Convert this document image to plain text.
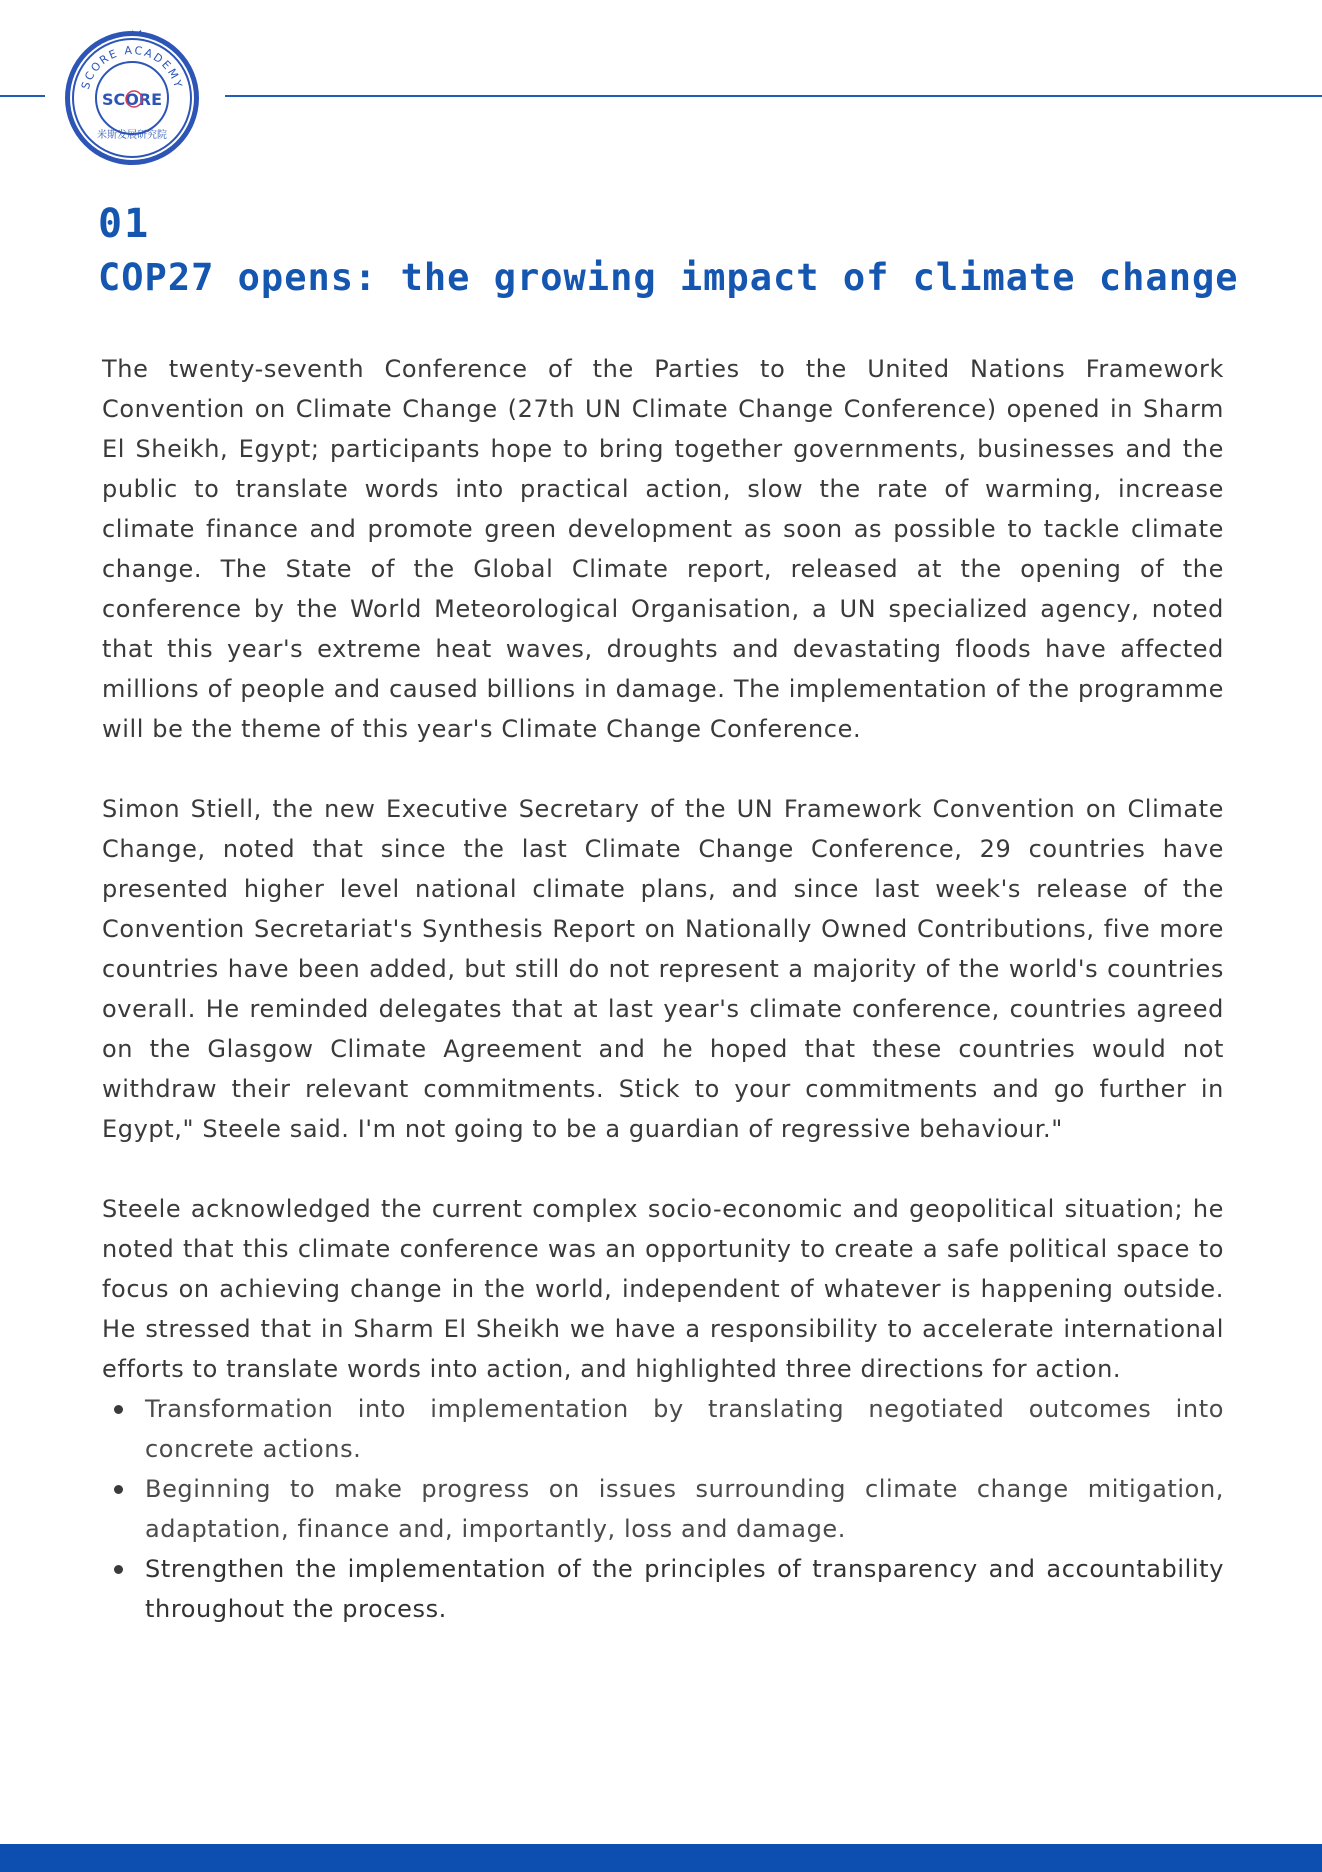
SCORE ACADEMY
米斯发展研究院
SCORE
01
COP27 opens: the growing impact of climate change

The twenty-seventh Conference of the Parties to the United Nations Framework Convention on Climate Change (27th UN Climate Change Conference) opened in Sharm El Sheikh, Egypt; participants hope to bring together governments, businesses and the public to translate words into practical action, slow the rate of warming, increase climate finance and promote green development as soon as possible to tackle climate change. The State of the Global Climate report, released at the opening of the conference by the World Meteorological Organisation, a UN specialized agency, noted that this year's extreme heat waves, droughts and devastating floods have affected millions of people and caused billions in damage. The implementation of the programme will be the theme of this year's Climate Change Conference.

Simon Stiell, the new Executive Secretary of the UN Framework Convention on Climate Change, noted that since the last Climate Change Conference, 29 countries have presented higher level national climate plans, and since last week's release of the Convention Secretariat's Synthesis Report on Nationally Owned Contributions, five more countries have been added, but still do not represent a majority of the world's countries overall. He reminded delegates that at last year's climate conference, countries agreed on the Glasgow Climate Agreement and he hoped that these countries would not withdraw their relevant commitments. Stick to your commitments and go further in Egypt," Steele said. I'm not going to be a guardian of regressive behaviour."

Steele acknowledged the current complex socio-economic and geopolitical situation; he noted that this climate conference was an opportunity to create a safe political space to focus on achieving change in the world, independent of whatever is happening outside. He stressed that in Sharm El Sheikh we have a responsibility to accelerate international efforts to translate words into action, and highlighted three directions for action.

Transformation into implementation by translating negotiated outcomes into concrete actions.
Beginning to make progress on issues surrounding climate change mitigation, adaptation, finance and, importantly, loss and damage.
Strengthen the implementation of the principles of transparency and accountability throughout the process.
